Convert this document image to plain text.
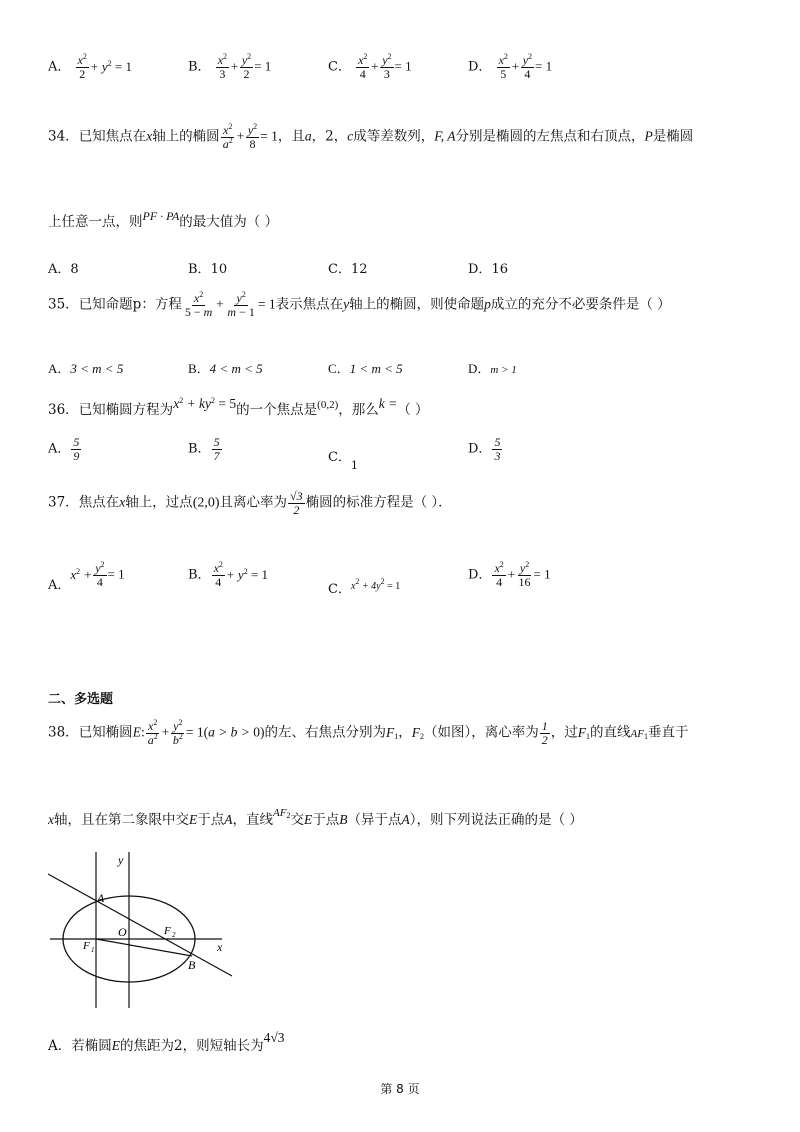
A． $\frac{x^2}{2} + y^2 = 1$	B． $\frac{x^2}{3} + \frac{y^2}{2} = 1$	C． $\frac{x^2}{4} + \frac{y^2}{3} = 1$	D． $\frac{x^2}{5} + \frac{y^2}{4} = 1$
34．已知焦点在x轴上的椭圆 $\frac{x^2}{a^2} + \frac{y^2}{8} = 1$，且a，2，c成等差数列，F, A分别是椭圆的左焦点和右顶点，P是椭圆
上任意一点，则PF · PA的最大值为（ ）
A．8	B．10	C．12	D．16
35．已知命题p：方程 $\frac{x^2}{5 - m} + \frac{y^2}{m - 1} = 1$表示焦点在y轴上的椭圆，则使命题p成立的充分不必要条件是（ ）
A．3 < m < 5	B．4 < m < 5	C．1 < m < 5	D．m > 1
36．已知椭圆方程为$x^2 + ky^2 = 5$的一个焦点是$^{(0,2)}$，那么k =（ ）
A． $\frac{5}{9}$	B． $\frac{5}{7}$	C．$_1$
D． $\frac{5}{3}$
37．焦点在x轴上，过点(2,0)且离心率为 $\frac{√3}{2}$ 椭圆的标准方程是（ ）．
A．$x^2 + \frac{y^2}{4} = 1$	B． $\frac{x^2}{4} + y^2 = 1$
C．$^{x^2 + 4y^2 = 1}$
D． $\frac{x^2}{4} + \frac{y^2}{16} = 1$
二、多选题
38．已知椭圆E: $\frac{x^2}{a^2} + \frac{y^2}{b^2} = 1(a > b > 0)$的左、右焦点分别为$F_1$，$F_2$（如图），离心率为 $\frac{1}{2}$ ，过$F_1$的直线$AF_1$垂直于
x轴，且在第二象限中交E于点A，直线$^{AF_2}$交E于点B（异于点A），则下列说法正确的是（ ）
y
x
A
O
F 1
F 2
B
A．若椭圆E的焦距为2，则短轴长为4√3
第 8 页
